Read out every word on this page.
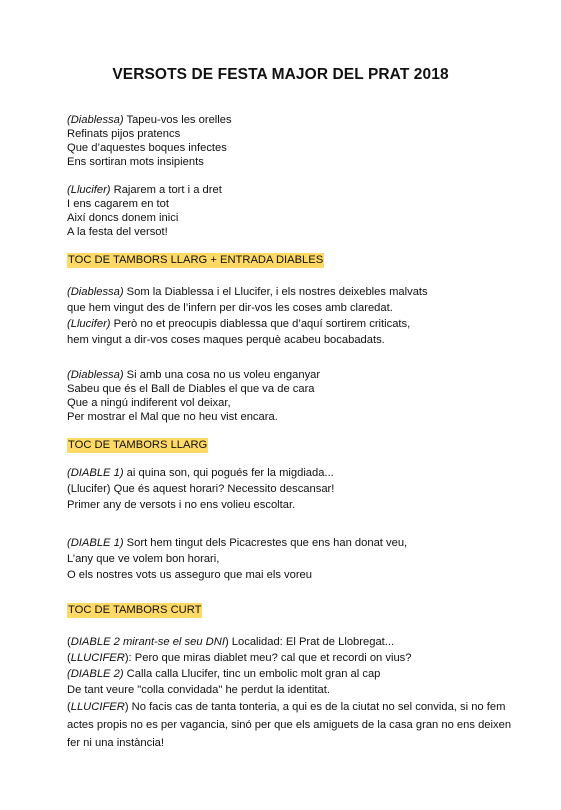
VERSOTS DE FESTA MAJOR DEL PRAT 2018
(Diablessa) Tapeu-vos les orelles
Refinats pijos pratencs
Que d’aquestes boques infectes
Ens sortiran mots insipients
(Llucifer) Rajarem a tort i a dret
I ens cagarem en tot
Així doncs donem inici
A la festa del versot!
TOC DE TAMBORS LLARG + ENTRADA DIABLES
(Diablessa) Som la Diablessa i el Llucifer, i els nostres deixebles malvats
que hem vingut des de l’infern per dir-vos les coses amb claredat.
(Llucifer) Però no et preocupis diablessa que d’aquí sortirem criticats,
hem vingut a dir-vos coses maques perquè acabeu bocabadats.
(Diablessa) Si amb una cosa no us voleu enganyar
Sabeu que és el Ball de Diables el que va de cara
Que a ningú indiferent vol deixar,
Per mostrar el Mal que no heu vist encara.
TOC DE TAMBORS LLARG
(DIABLE 1) ai quina son, qui pogués fer la migdiada...
(Llucifer) Que és aquest horari? Necessito descansar!
Primer any de versots i no ens volieu escoltar.
(DIABLE 1) Sort hem tingut dels Picacrestes que ens han donat veu,
L’any que ve volem bon horari,
O els nostres vots us asseguro que mai els voreu
TOC DE TAMBORS CURT
(DIABLE 2 mirant-se el seu DNI) Localidad: El Prat de Llobregat...
(LLUCIFER): Pero que miras diablet meu? cal que et recordi on vius?
(DIABLE 2) Calla calla Llucifer, tinc un embolic molt gran al cap
De tant veure "colla convidada" he perdut la identitat.
(LLUCIFER) No facis cas de tanta tonteria, a qui es de la ciutat no sel convida, si no fem actes propis no es per vagancia, sinó per que els amiguets de la casa gran no ens deixen fer ni una instància!
